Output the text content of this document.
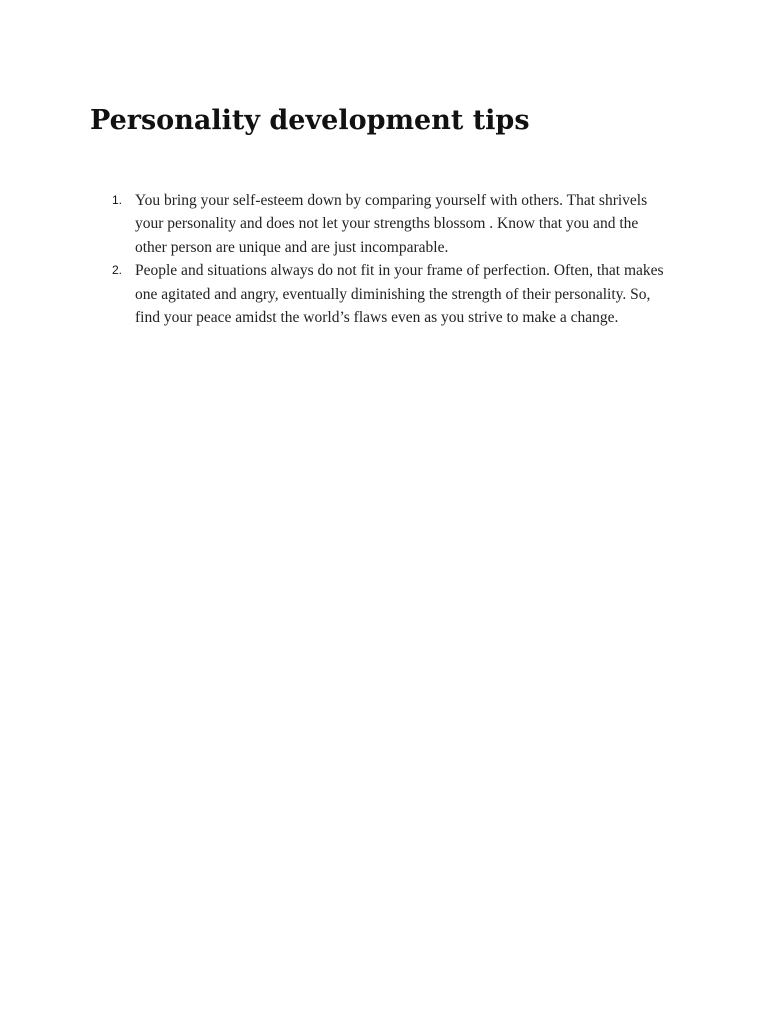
Personality development tips
1. You bring your self-esteem down by comparing yourself with others. That shrivels your personality and does not let your strengths blossom . Know that you and the other person are unique and are just incomparable.
2. People and situations always do not fit in your frame of perfection. Often, that makes one agitated and angry, eventually diminishing the strength of their personality. So, find your peace amidst the world’s flaws even as you strive to make a change.
